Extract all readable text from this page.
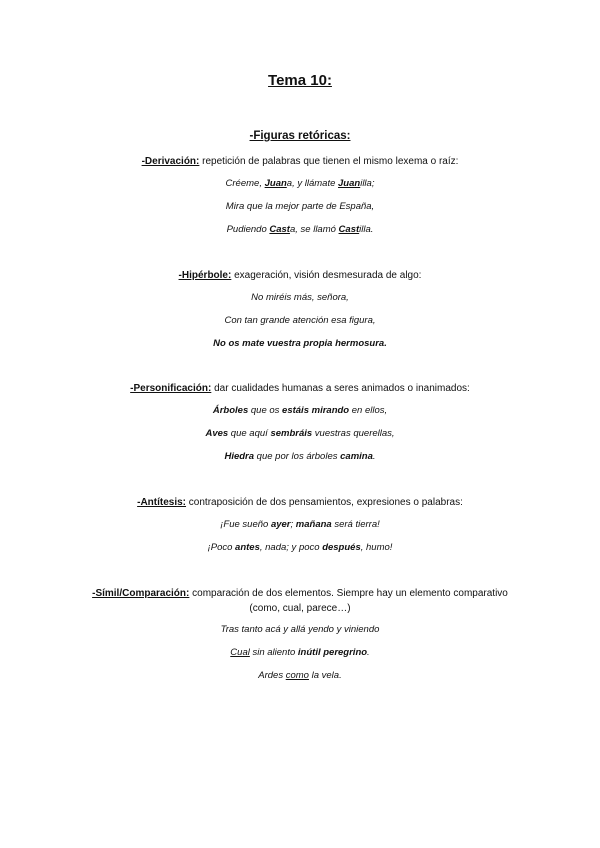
Tema 10:
-Figuras retóricas:
-Derivación: repetición de palabras que tienen el mismo lexema o raíz:
Créeme, Juana, y llámate Juanilla;
Mira que la mejor parte de España,
Pudiendo Casta, se llamó Castilla.
-Hipérbole: exageración, visión desmesurada de algo:
No miréis más, señora,
Con tan grande atención esa figura,
No os mate vuestra propia hermosura.
-Personificación: dar cualidades humanas a seres animados o inanimados:
Árboles que os estáis mirando en ellos,
Aves que aquí sembráis vuestras querellas,
Hiedra que por los árboles camina.
-Antítesis: contraposición de dos pensamientos, expresiones o palabras:
¡Fue sueño ayer; mañana será tierra!
¡Poco antes, nada; y poco después, humo!
-Símil/Comparación: comparación de dos elementos. Siempre hay un elemento comparativo (como, cual, parece…)
Tras tanto acá y allá yendo y viniendo
Cual sin aliento inútil peregrino.
Ardes como la vela.
